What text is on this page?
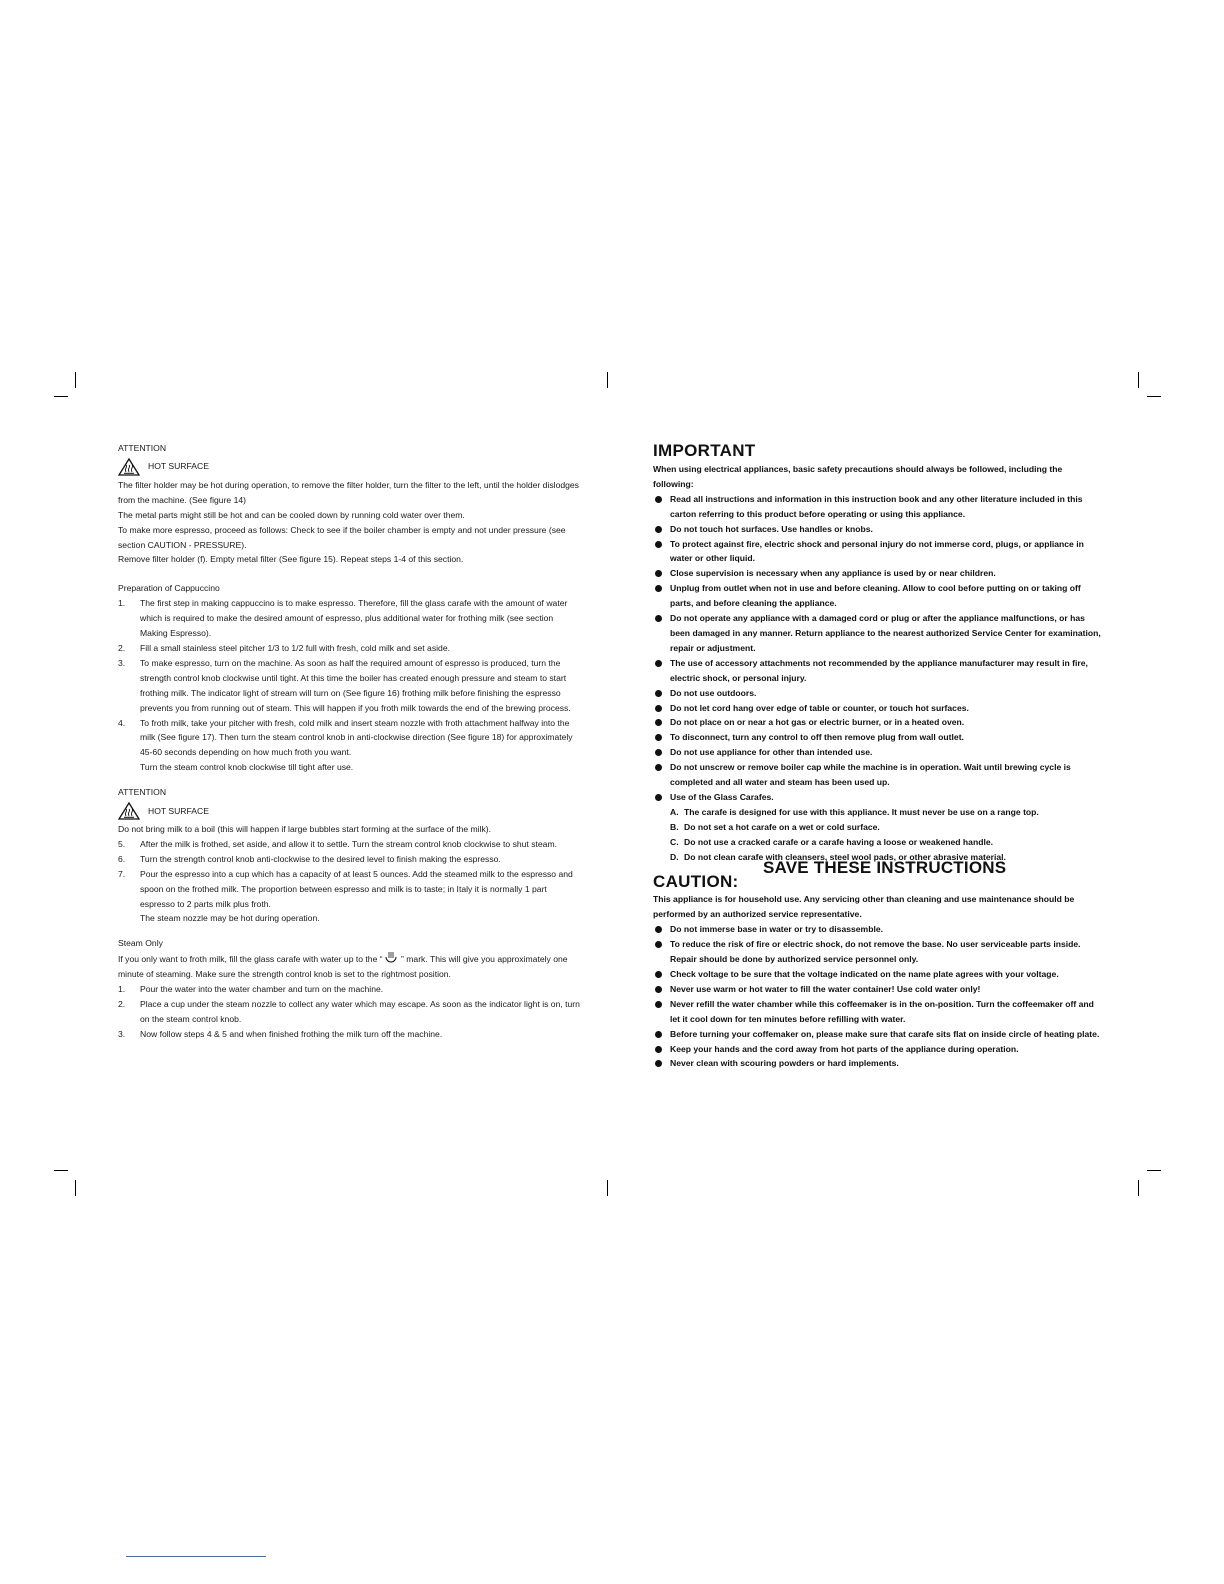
ATTENTION

HOT SURFACE

The filter holder may be hot during operation, to remove the filter holder, turn the filter to the left, until the holder dislodges from the machine. (See figure 14)

The metal parts might still be hot and can be cooled down by running cold water over them.

To make more espresso, proceed as follows: Check to see if the boiler chamber is empty and not under pressure (see section CAUTION - PRESSURE).

Remove filter holder (f). Empty metal filter (See figure 15). Repeat steps 1-4 of this section.

Preparation of Cappuccino

1.	The first step in making cappuccino is to make espresso. Therefore, fill the glass carafe with the amount of water which is required to make the desired amount of espresso, plus additional water for frothing milk (see section Making Espresso).
2.	Fill a small stainless steel pitcher 1/3 to 1/2 full with fresh, cold milk and set aside.
3.	To make espresso, turn on the machine. As soon as half the required amount of espresso is produced, turn the strength control knob clockwise until tight. At this time the boiler has created enough pressure and steam to start frothing milk. The indicator light of stream will turn on (See figure 16) frothing milk before finishing the espresso prevents you from running out of steam. This will happen if you froth milk towards the end of the brewing process.
4.	To froth milk, take your pitcher with fresh, cold milk and insert steam nozzle with froth attachment halfway into the milk (See figure 17). Then turn the steam control knob in anti-clockwise direction (See figure 18) for approximately 45-60 seconds depending on how much froth you want.

Turn the steam control knob clockwise till tight after use.

ATTENTION

HOT SURFACE

Do not bring milk to a boil (this will happen if large bubbles start forming at the surface of the milk).

5.	After the milk is frothed, set aside, and allow it to settle. Turn the stream control knob clockwise to shut steam.
6.	Turn the strength control knob anti-clockwise to the desired level to finish making the espresso.
7.	Pour the espresso into a cup which has a capacity of at least 5 ounces. Add the steamed milk to the espresso and spoon on the frothed milk. The proportion between espresso and milk is to taste; in Italy it is normally 1 part espresso to 2 parts milk plus froth.

The steam nozzle may be hot during operation.

Steam Only

If you only want to froth milk, fill the glass carafe with water up to the “ ” mark. This will give you approximately one minute of steaming. Make sure the strength control knob is set to the rightmost position.

1.	Pour the water into the water chamber and turn on the machine.
2.	Place a cup under the steam nozzle to collect any water which may escape. As soon as the indicator light is on, turn on the steam control knob.
3.	Now follow steps 4 & 5 and when finished frothing the milk turn off the machine.
IMPORTANT

When using electrical appliances, basic safety precautions should always be followed, including the following:

Read all instructions and information in this instruction book and any other literature included in this carton referring to this product before operating or using this appliance.
Do not touch hot surfaces. Use handles or knobs.
To protect against fire, electric shock and personal injury do not immerse cord, plugs, or appliance in water or other liquid.
Close supervision is necessary when any appliance is used by or near children.
Unplug from outlet when not in use and before cleaning. Allow to cool before putting on or taking off parts, and before cleaning the appliance.
Do not operate any appliance with a damaged cord or plug or after the appliance malfunctions, or has been damaged in any manner. Return appliance to the nearest authorized Service Center for examination, repair or adjustment.
The use of accessory attachments not recommended by the appliance manufacturer may result in fire, electric shock, or personal injury.
Do not use outdoors.
Do not let cord hang over edge of table or counter, or touch hot surfaces.
Do not place on or near a hot gas or electric burner, or in a heated oven.
To disconnect, turn any control to off then remove plug from wall outlet.
Do not use appliance for other than intended use.
Do not unscrew or remove boiler cap while the machine is in operation. Wait until brewing cycle is completed and all water and steam has been used up.
Use of the Glass Carafes.
A. The carafe is designed for use with this appliance. It must never be use on a range top.
B. Do not set a hot carafe on a wet or cold surface.
C. Do not use a cracked carafe or a carafe having a loose or weakened handle.
D. Do not clean carafe with cleansers, steel wool pads, or other abrasive material.
SAVE THESE INSTRUCTIONS
CAUTION:

This appliance is for household use. Any servicing other than cleaning and use maintenance should be performed by an authorized service representative.

Do not immerse base in water or try to disassemble.
To reduce the risk of fire or electric shock, do not remove the base. No user serviceable parts inside. Repair should be done by authorized service personnel only.
Check voltage to be sure that the voltage indicated on the name plate agrees with your voltage.
Never use warm or hot water to fill the water container! Use cold water only!
Never refill the water chamber while this coffeemaker is in the on-position. Turn the coffeemaker off and let it cool down for ten minutes before refilling with water.
Before turning your coffemaker on, please make sure that carafe sits flat on inside circle of heating plate.
Keep your hands and the cord away from hot parts of the appliance during operation.
Never clean with scouring powders or hard implements.
